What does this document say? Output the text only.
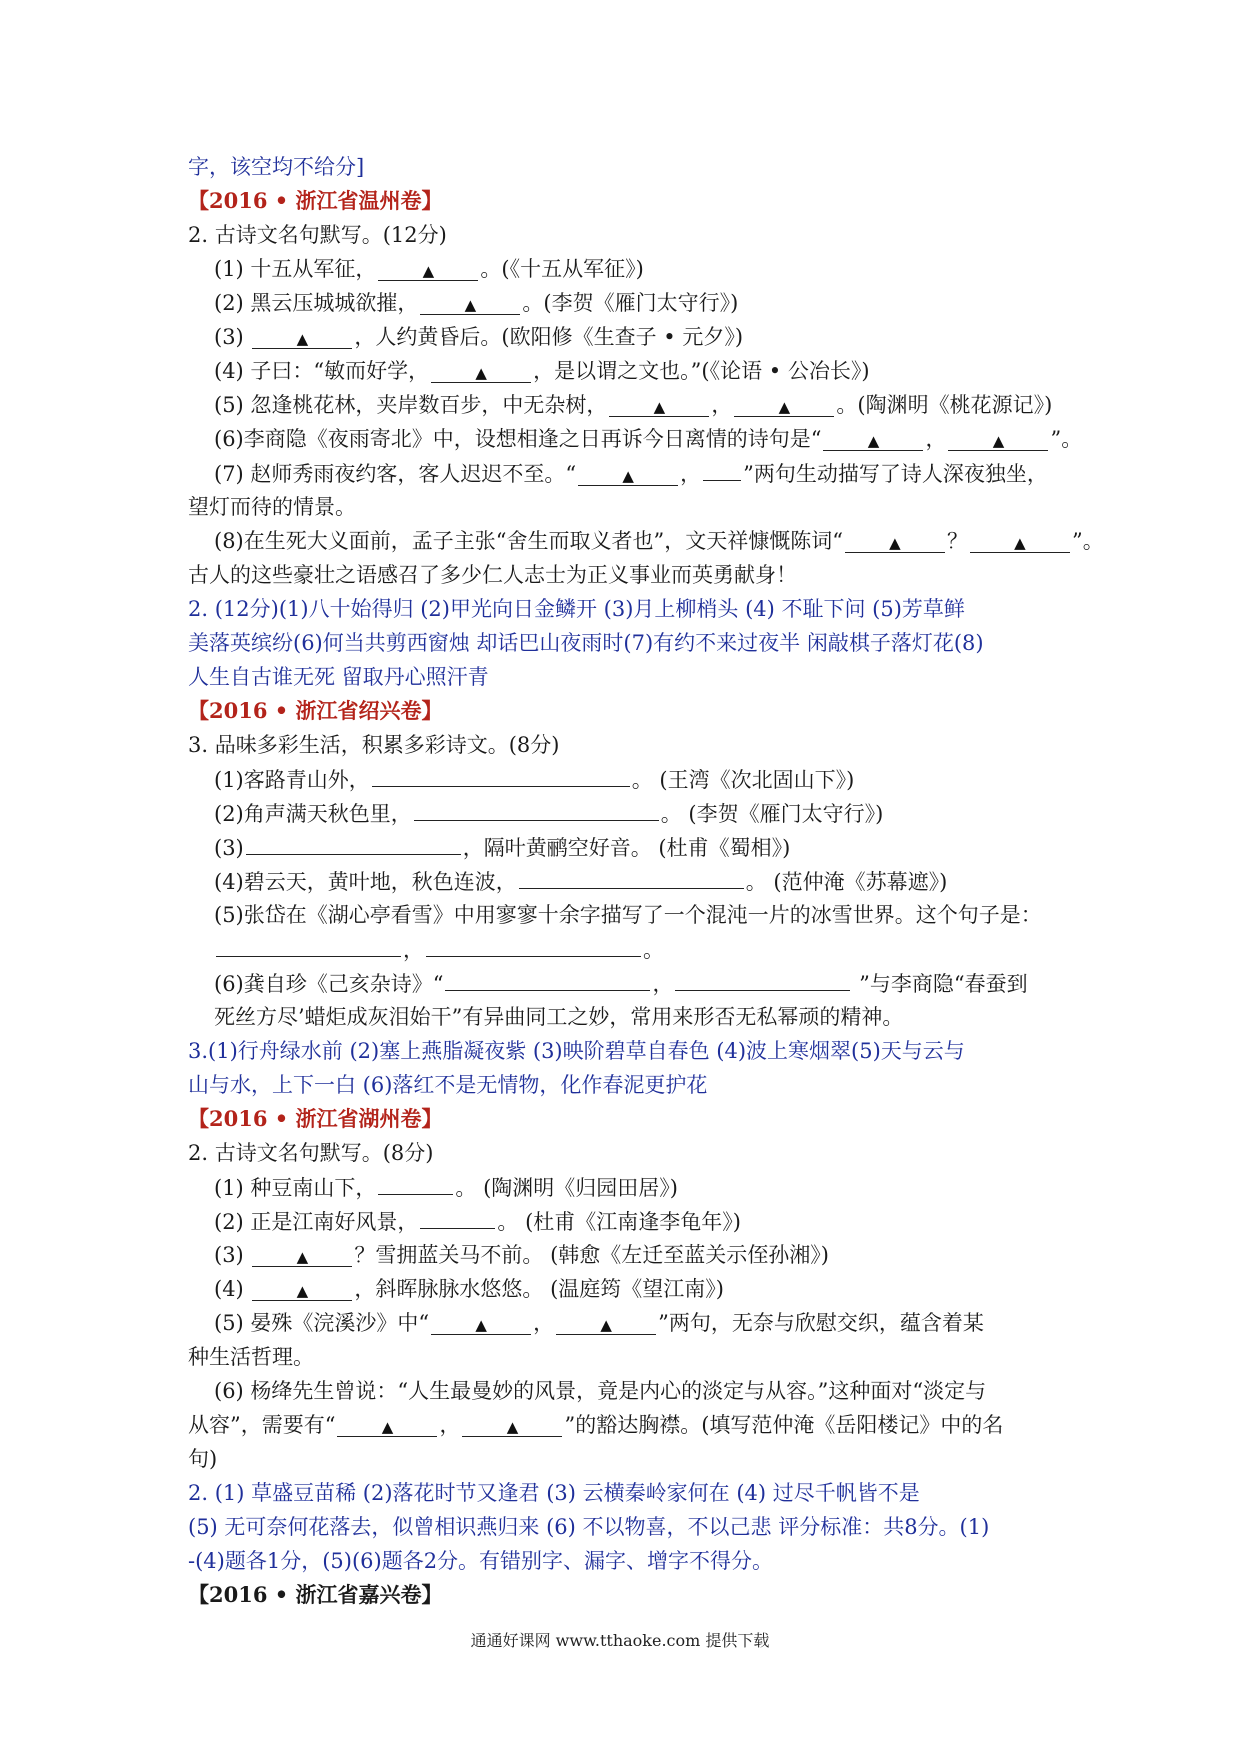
字，该空均不给分]
【2016 • 浙江省温州卷】
2. 古诗文名句默写。(12分)
(1) 十五从军征，	▲ 。(《十五从军征》)
(2) 黑云压城城欲摧，	▲ 。(李贺《雁门太守行》)
(3)	▲ ，人约黄昏后。(欧阳修《生查子 • 元夕》)
(4) 子曰：“敏而好学，	▲ ，是以谓之文也。”(《论语 • 公冶长》)
(5) 忽逢桃花林，夹岸数百步，中无杂树，	▲ ，	▲ 。(陶渊明《桃花源记》)
(6)李商隐《夜雨寄北》中，设想相逢之日再诉今日离情的诗句是“	▲ ，	▲ ”。
(7) 赵师秀雨夜约客，客人迟迟不至。“	▲ ， ”两句生动描写了诗人深夜独坐，
望灯而待的情景。
(8)在生死大义面前，孟子主张“舍生而取义者也”，文天祥慷慨陈词“	▲ ？	▲ ”。
古人的这些豪壮之语感召了多少仁人志士为正义事业而英勇献身！
2. (12分)(1)八十始得归 (2)甲光向日金鳞开 (3)月上柳梢头 (4) 不耻下问 (5)芳草鲜
美落英缤纷(6)何当共剪西窗烛 却话巴山夜雨时(7)有约不来过夜半 闲敲棋子落灯花(8)
人生自古谁无死 留取丹心照汗青
【2016 • 浙江省绍兴卷】
3. 品味多彩生活，积累多彩诗文。(8分)
(1)客路青山外，	。 (王湾《次北固山下》)
(2)角声满天秋色里，	。 (李贺《雁门太守行》)
(3)	，隔叶黄鹂空好音。 (杜甫《蜀相》)
(4)碧云天，黄叶地，秋色连波，	。 (范仲淹《苏幕遮》)
(5)张岱在《湖心亭看雪》中用寥寥十余字描写了一个混沌一片的冰雪世界。这个句子是：
，	。
(6)龚自珍《己亥杂诗》“	，	”与李商隐“春蚕到
死丝方尽’蜡炬成灰泪始干”有异曲同工之妙，常用来形否无私幂顽的精神。
3.(1)行舟绿水前 (2)塞上燕脂凝夜紫 (3)映阶碧草自春色 (4)波上寒烟翠(5)天与云与
山与水，上下一白 (6)落红不是无情物，化作春泥更护花
【2016 • 浙江省湖州卷】
2. 古诗文名句默写。(8分)
(1) 种豆南山下，	。 (陶渊明《归园田居》)
(2) 正是江南好风景，	。 (杜甫《江南逢李龟年》)
(3)	▲ ？雪拥蓝关马不前。 (韩愈《左迁至蓝关示侄孙湘》)
(4)	▲ ，斜晖脉脉水悠悠。 (温庭筠《望江南》)
(5) 晏殊《浣溪沙》中“	▲ ，	▲ ”两句，无奈与欣慰交织，蕴含着某
种生活哲理。
(6) 杨绛先生曾说：“人生最曼妙的风景，竟是内心的淡定与从容。”这种面对“淡定与
从容”，需要有“	▲ ，	▲ ”的豁达胸襟。(填写范仲淹《岳阳楼记》中的名
句)
2. (1) 草盛豆苗稀 (2)落花时节又逢君 (3) 云横秦岭家何在 (4) 过尽千帆皆不是
(5) 无可奈何花落去，似曾相识燕归来 (6) 不以物喜，不以己悲 评分标准：共8分。(1)
-(4)题各1分，(5)(6)题各2分。有错别字、漏字、增字不得分。
【2016 • 浙江省嘉兴卷】
通通好课网 www.tthaoke.com 提供下载
